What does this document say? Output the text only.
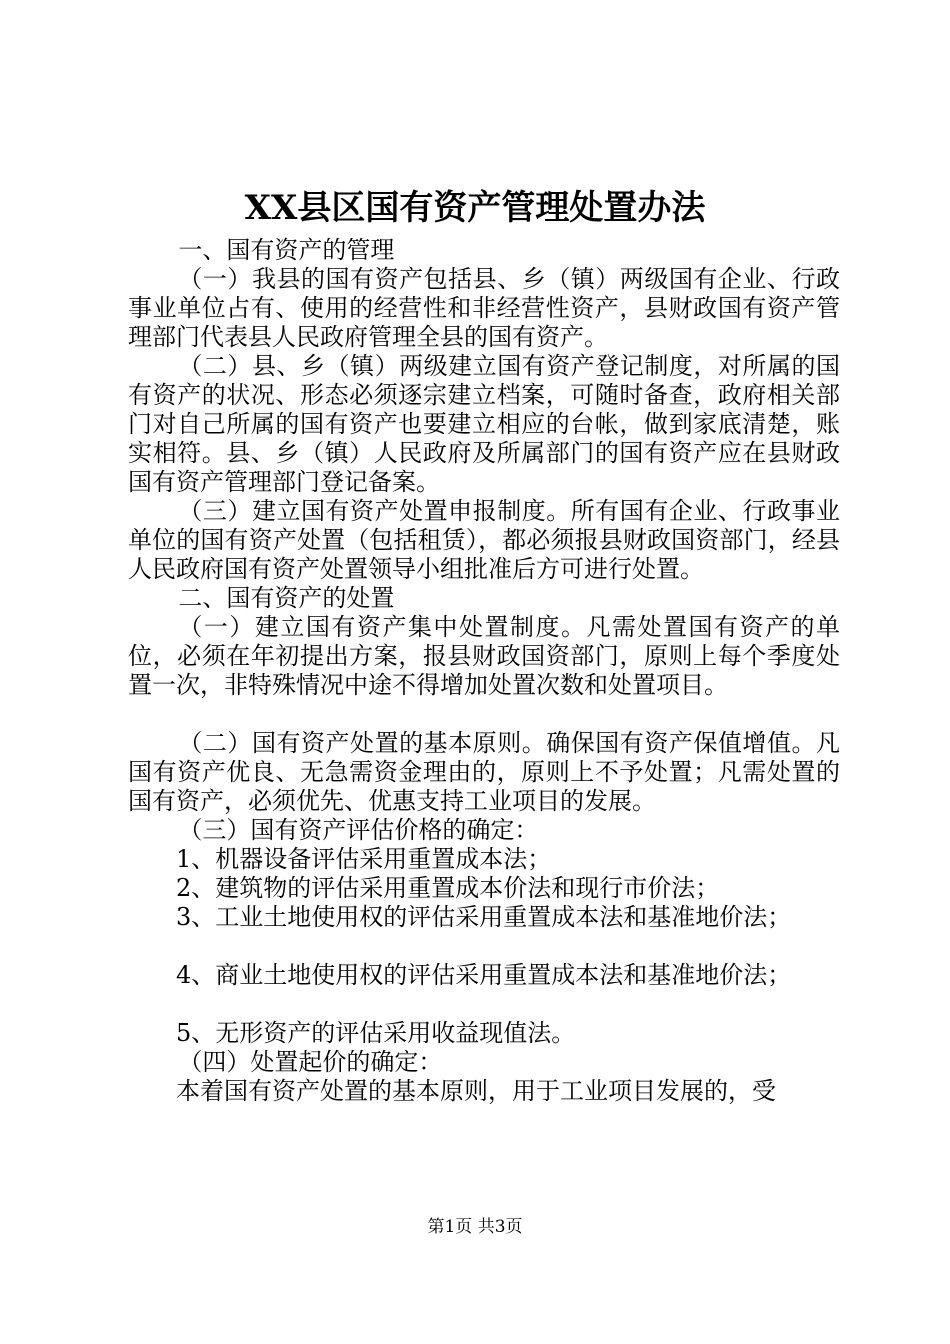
XX县区国有资产管理处置办法

一、国有资产的管理

（一）我县的国有资产包括县、乡（镇）两级国有企业、行政事业单位占有、使用的经营性和非经营性资产，县财政国有资产管理部门代表县人民政府管理全县的国有资产。

（二）县、乡（镇）两级建立国有资产登记制度，对所属的国有资产的状况、形态必须逐宗建立档案，可随时备查，政府相关部门对自己所属的国有资产也要建立相应的台帐，做到家底清楚，账实相符。县、乡（镇）人民政府及所属部门的国有资产应在县财政国有资产管理部门登记备案。

（三）建立国有资产处置申报制度。所有国有企业、行政事业单位的国有资产处置（包括租赁），都必须报县财政国资部门，经县人民政府国有资产处置领导小组批准后方可进行处置。

二、国有资产的处置

（一）建立国有资产集中处置制度。凡需处置国有资产的单位，必须在年初提出方案，报县财政国资部门，原则上每个季度处置一次，非特殊情况中途不得增加处置次数和处置项目。

（二）国有资产处置的基本原则。确保国有资产保值增值。凡国有资产优良、无急需资金理由的，原则上不予处置；凡需处置的国有资产，必须优先、优惠支持工业项目的发展。

（三）国有资产评估价格的确定：

1、机器设备评估采用重置成本法；

2、建筑物的评估采用重置成本价法和现行市价法；

3、工业土地使用权的评估采用重置成本法和基准地价法；

4、商业土地使用权的评估采用重置成本法和基准地价法；

5、无形资产的评估采用收益现值法。

（四）处置起价的确定：

本着国有资产处置的基本原则，用于工业项目发展的，受

第1页 共3页
